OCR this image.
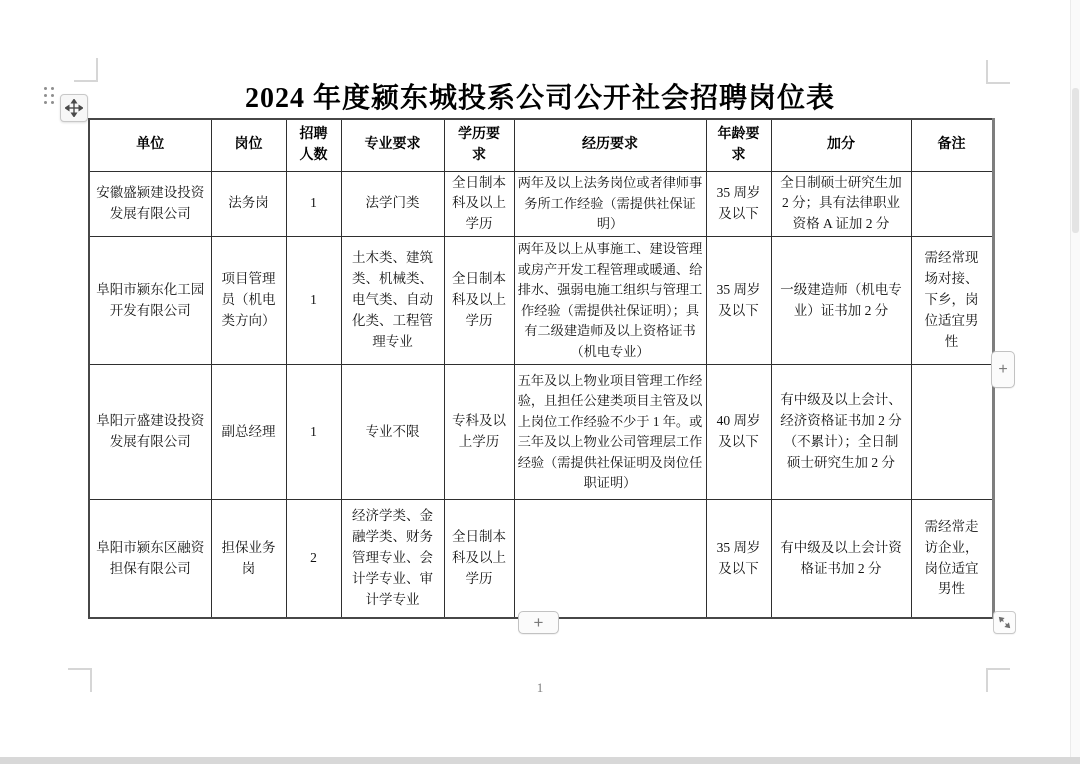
2024 年度颍东城投系公司公开社会招聘岗位表
单位	岗位	招聘人数	专业要求	学历要求	经历要求	年龄要求	加分	备注
安徽盛颍建设投资发展有限公司	法务岗	1	法学门类	全日制本科及以上学历	两年及以上法务岗位或者律师事务所工作经验（需提供社保证明）	35 周岁及以下	全日制硕士研究生加 2 分；具有法律职业资格 A 证加 2 分	
阜阳市颍东化工园开发有限公司	项目管理员（机电类方向）	1	土木类、建筑类、机械类、电气类、自动化类、工程管理专业	全日制本科及以上学历	两年及以上从事施工、建设管理或房产开发工程管理或暖通、给排水、强弱电施工组织与管理工作经验（需提供社保证明）；具有二级建造师及以上资格证书（机电专业）	35 周岁及以下	一级建造师（机电专业）证书加 2 分	需经常现场对接、下乡，岗位适宜男性
阜阳亓盛建设投资发展有限公司	副总经理	1	专业不限	专科及以上学历	五年及以上物业项目管理工作经验，且担任公建类项目主管及以上岗位工作经验不少于 1 年。或三年及以上物业公司管理层工作经验（需提供社保证明及岗位任职证明）	40 周岁及以下	有中级及以上会计、经济资格证书加 2 分（不累计）；全日制硕士研究生加 2 分	
阜阳市颍东区融资担保有限公司	担保业务岗	2	经济学类、金融学类、财务管理专业、会计学专业、审计学专业	全日制本科及以上学历		35 周岁及以下	有中级及以上会计资格证书加 2 分	需经常走访企业，岗位适宜男性
+
+
1
